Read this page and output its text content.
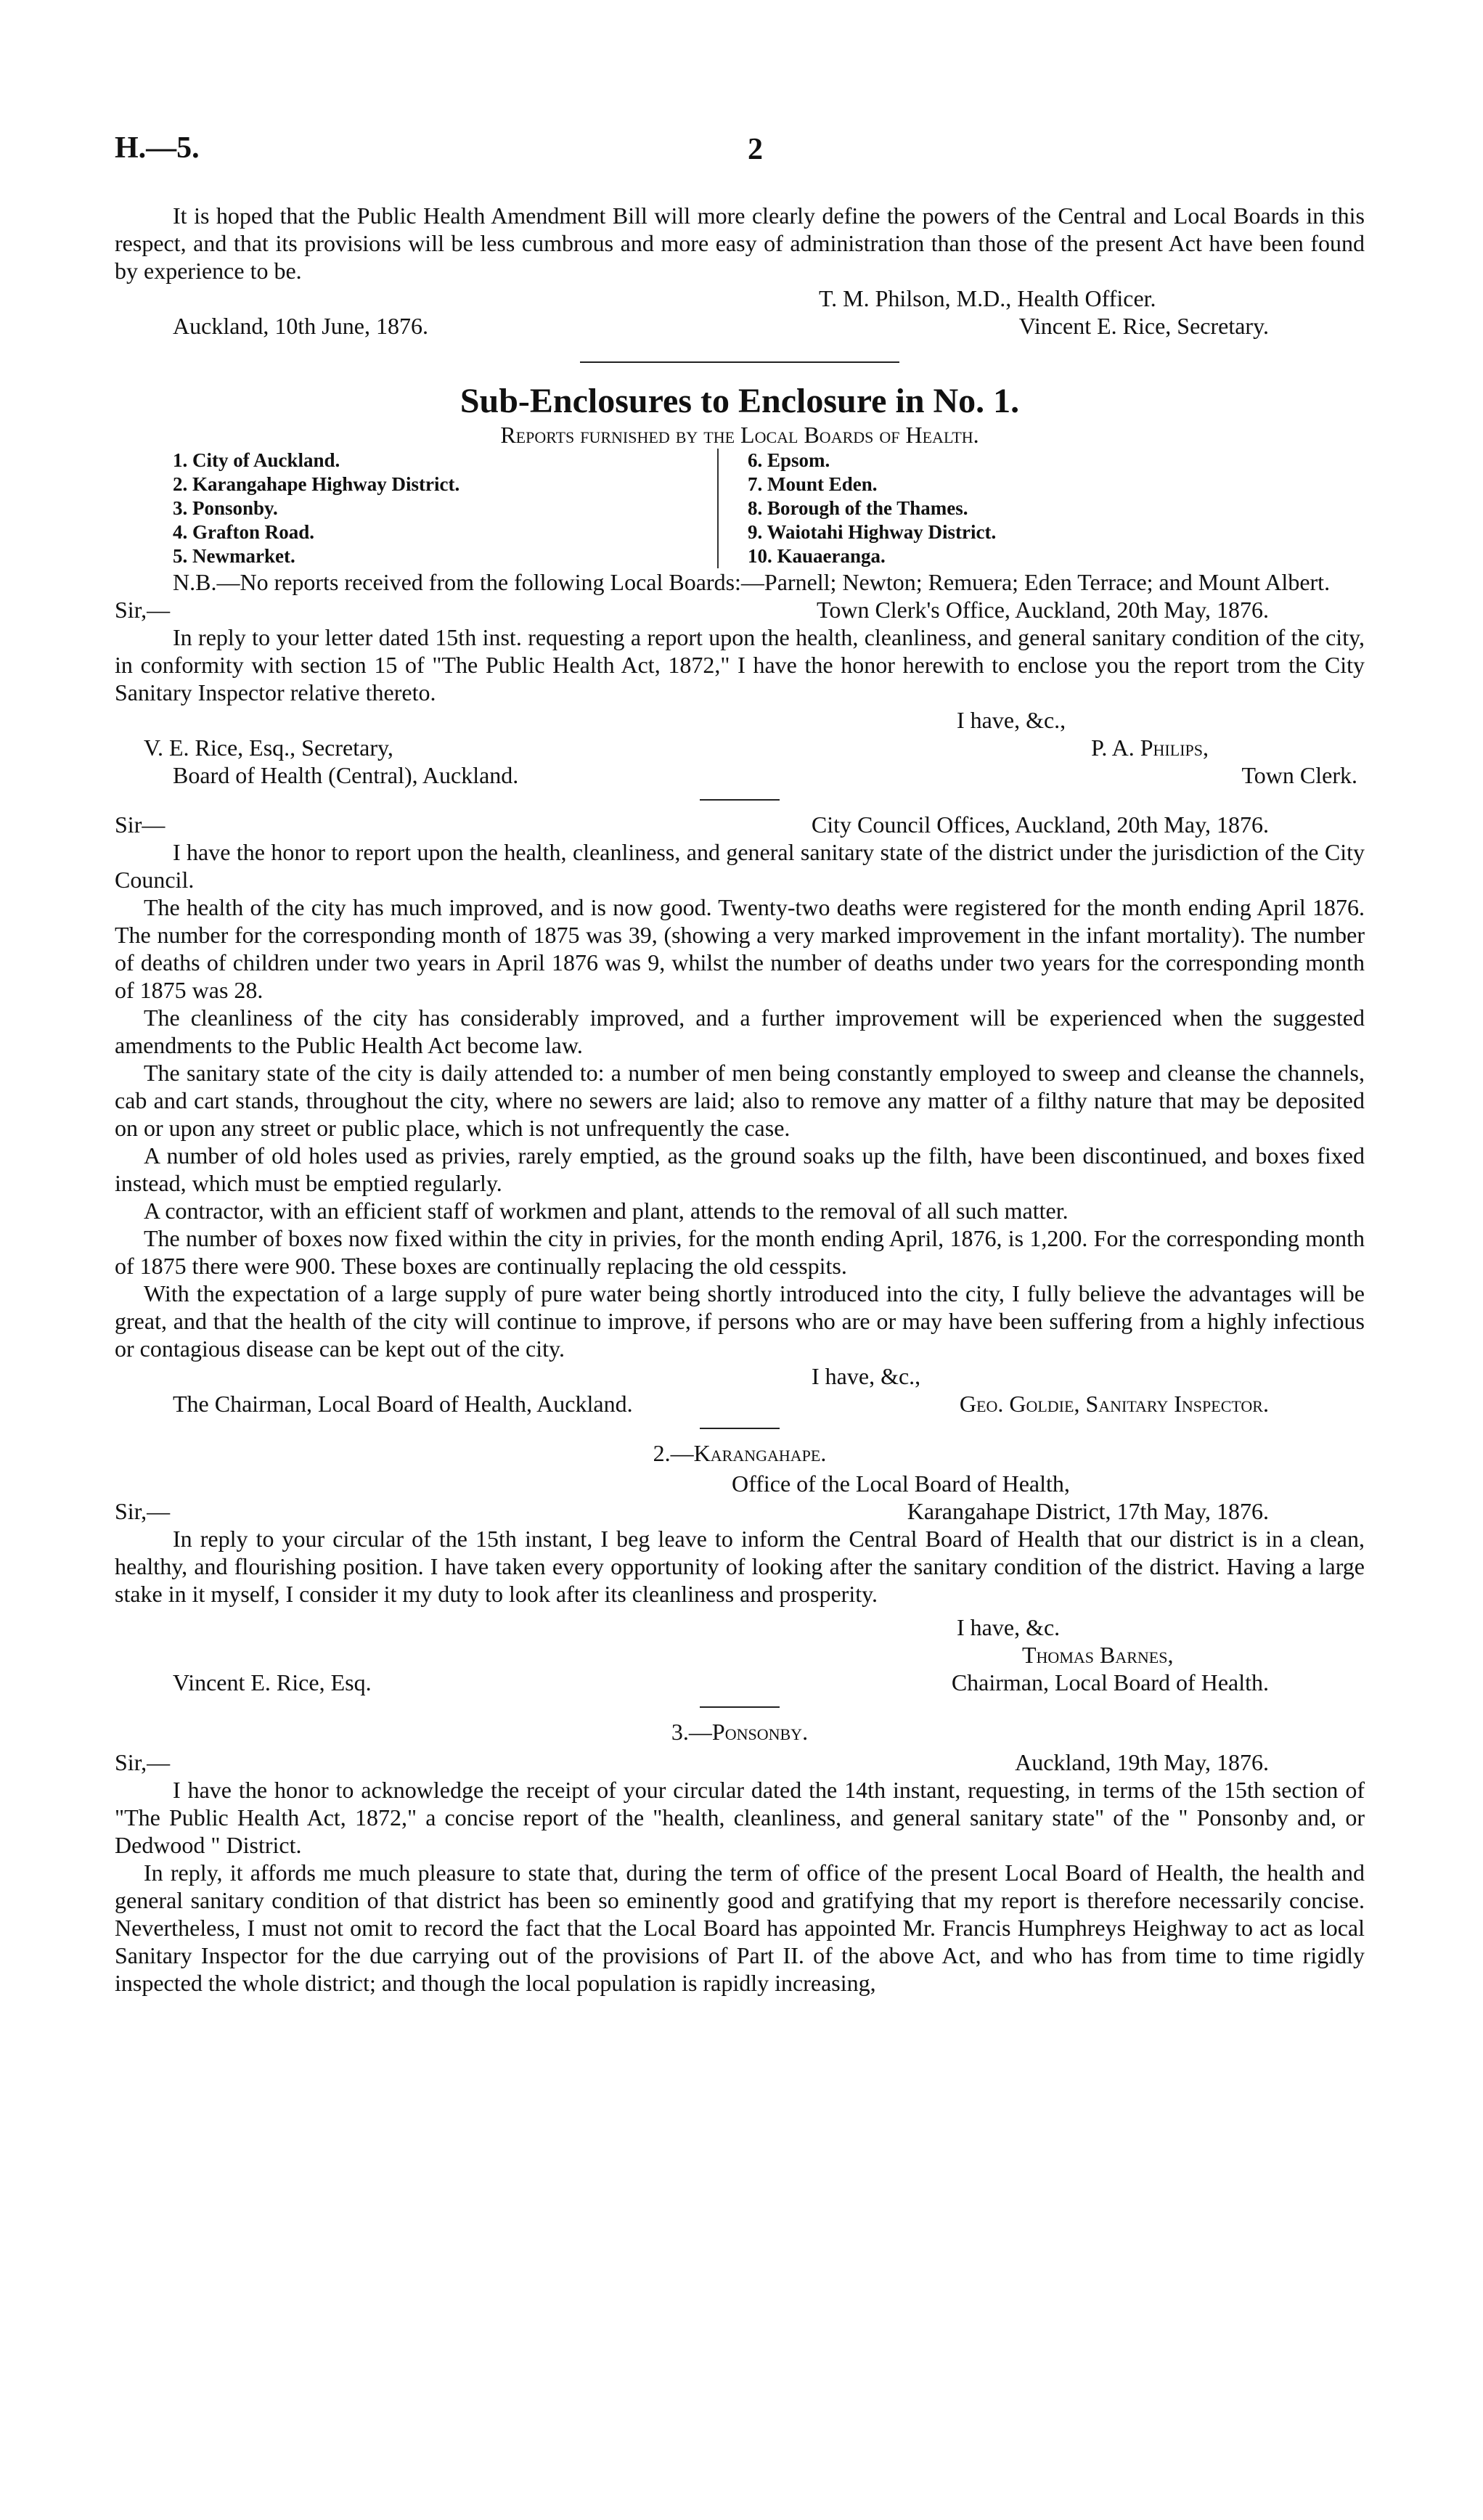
H.—5.	2

It is hoped that the Public Health Amendment Bill will more clearly define the powers of the Central and Local Boards in this respect, and that its provisions will be less cumbrous and more easy of administration than those of the present Act have been found by experience to be.

T. M. Philson, M.D., Health Officer.

Auckland, 10th June, 1876.	Vincent E. Rice, Secretary.
Sub-Enclosures to Enclosure in No. 1.

Reports furnished by the Local Boards of Health.

1. City of Auckland.
2. Karangahape Highway District.
3. Ponsonby.
4. Grafton Road.
5. Newmarket.
6. Epsom.
7. Mount Eden.
8. Borough of the Thames.
9. Waiotahi Highway District.
10. Kauaeranga.

N.B.—No reports received from the following Local Boards:—Parnell; Newton; Remuera; Eden Terrace; and Mount Albert.

Sir,—	Town Clerk's Office, Auckland, 20th May, 1876.

In reply to your letter dated 15th inst. requesting a report upon the health, cleanliness, and general sanitary condition of the city, in conformity with section 15 of "The Public Health Act, 1872," I have the honor herewith to enclose you the report trom the City Sanitary Inspector relative thereto.

I have, &c.,

V. E. Rice, Esq., Secretary,	P. A. Philips,
Board of Health (Central), Auckland.	Town Clerk.
Sir—	City Council Offices, Auckland, 20th May, 1876.

I have the honor to report upon the health, cleanliness, and general sanitary state of the district under the jurisdiction of the City Council.

The health of the city has much improved, and is now good. Twenty-two deaths were registered for the month ending April 1876. The number for the corresponding month of 1875 was 39, (showing a very marked improvement in the infant mortality). The number of deaths of children under two years in April 1876 was 9, whilst the number of deaths under two years for the corresponding month of 1875 was 28.

The cleanliness of the city has considerably improved, and a further improvement will be experienced when the suggested amendments to the Public Health Act become law.

The sanitary state of the city is daily attended to: a number of men being constantly employed to sweep and cleanse the channels, cab and cart stands, throughout the city, where no sewers are laid; also to remove any matter of a filthy nature that may be deposited on or upon any street or public place, which is not unfrequently the case.

A number of old holes used as privies, rarely emptied, as the ground soaks up the filth, have been discontinued, and boxes fixed instead, which must be emptied regularly.

A contractor, with an efficient staff of workmen and plant, attends to the removal of all such matter.

The number of boxes now fixed within the city in privies, for the month ending April, 1876, is 1,200. For the corresponding month of 1875 there were 900. These boxes are continually replacing the old cesspits.

With the expectation of a large supply of pure water being shortly introduced into the city, I fully believe the advantages will be great, and that the health of the city will continue to improve, if persons who are or may have been suffering from a highly infectious or contagious disease can be kept out of the city.

I have, &c.,

The Chairman, Local Board of Health, Auckland.	Geo. Goldie, Sanitary Inspector.

2.—Karangahape.

Office of the Local Board of Health,

Sir,—	Karangahape District, 17th May, 1876.

In reply to your circular of the 15th instant, I beg leave to inform the Central Board of Health that our district is in a clean, healthy, and flourishing position. I have taken every opportunity of looking after the sanitary condition of the district. Having a large stake in it myself, I consider it my duty to look after its cleanliness and prosperity.

I have, &c.

Thomas Barnes,

Vincent E. Rice, Esq.	Chairman, Local Board of Health.

3.—Ponsonby.

Sir,—	Auckland, 19th May, 1876.

I have the honor to acknowledge the receipt of your circular dated the 14th instant, requesting, in terms of the 15th section of "The Public Health Act, 1872," a concise report of the "health, cleanliness, and general sanitary state" of the " Ponsonby and, or Dedwood " District.

In reply, it affords me much pleasure to state that, during the term of office of the present Local Board of Health, the health and general sanitary condition of that district has been so eminently good and gratifying that my report is therefore necessarily concise. Nevertheless, I must not omit to record the fact that the Local Board has appointed Mr. Francis Humphreys Heighway to act as local Sanitary Inspector for the due carrying out of the provisions of Part II. of the above Act, and who has from time to time rigidly inspected the whole district; and though the local population is rapidly increasing,
